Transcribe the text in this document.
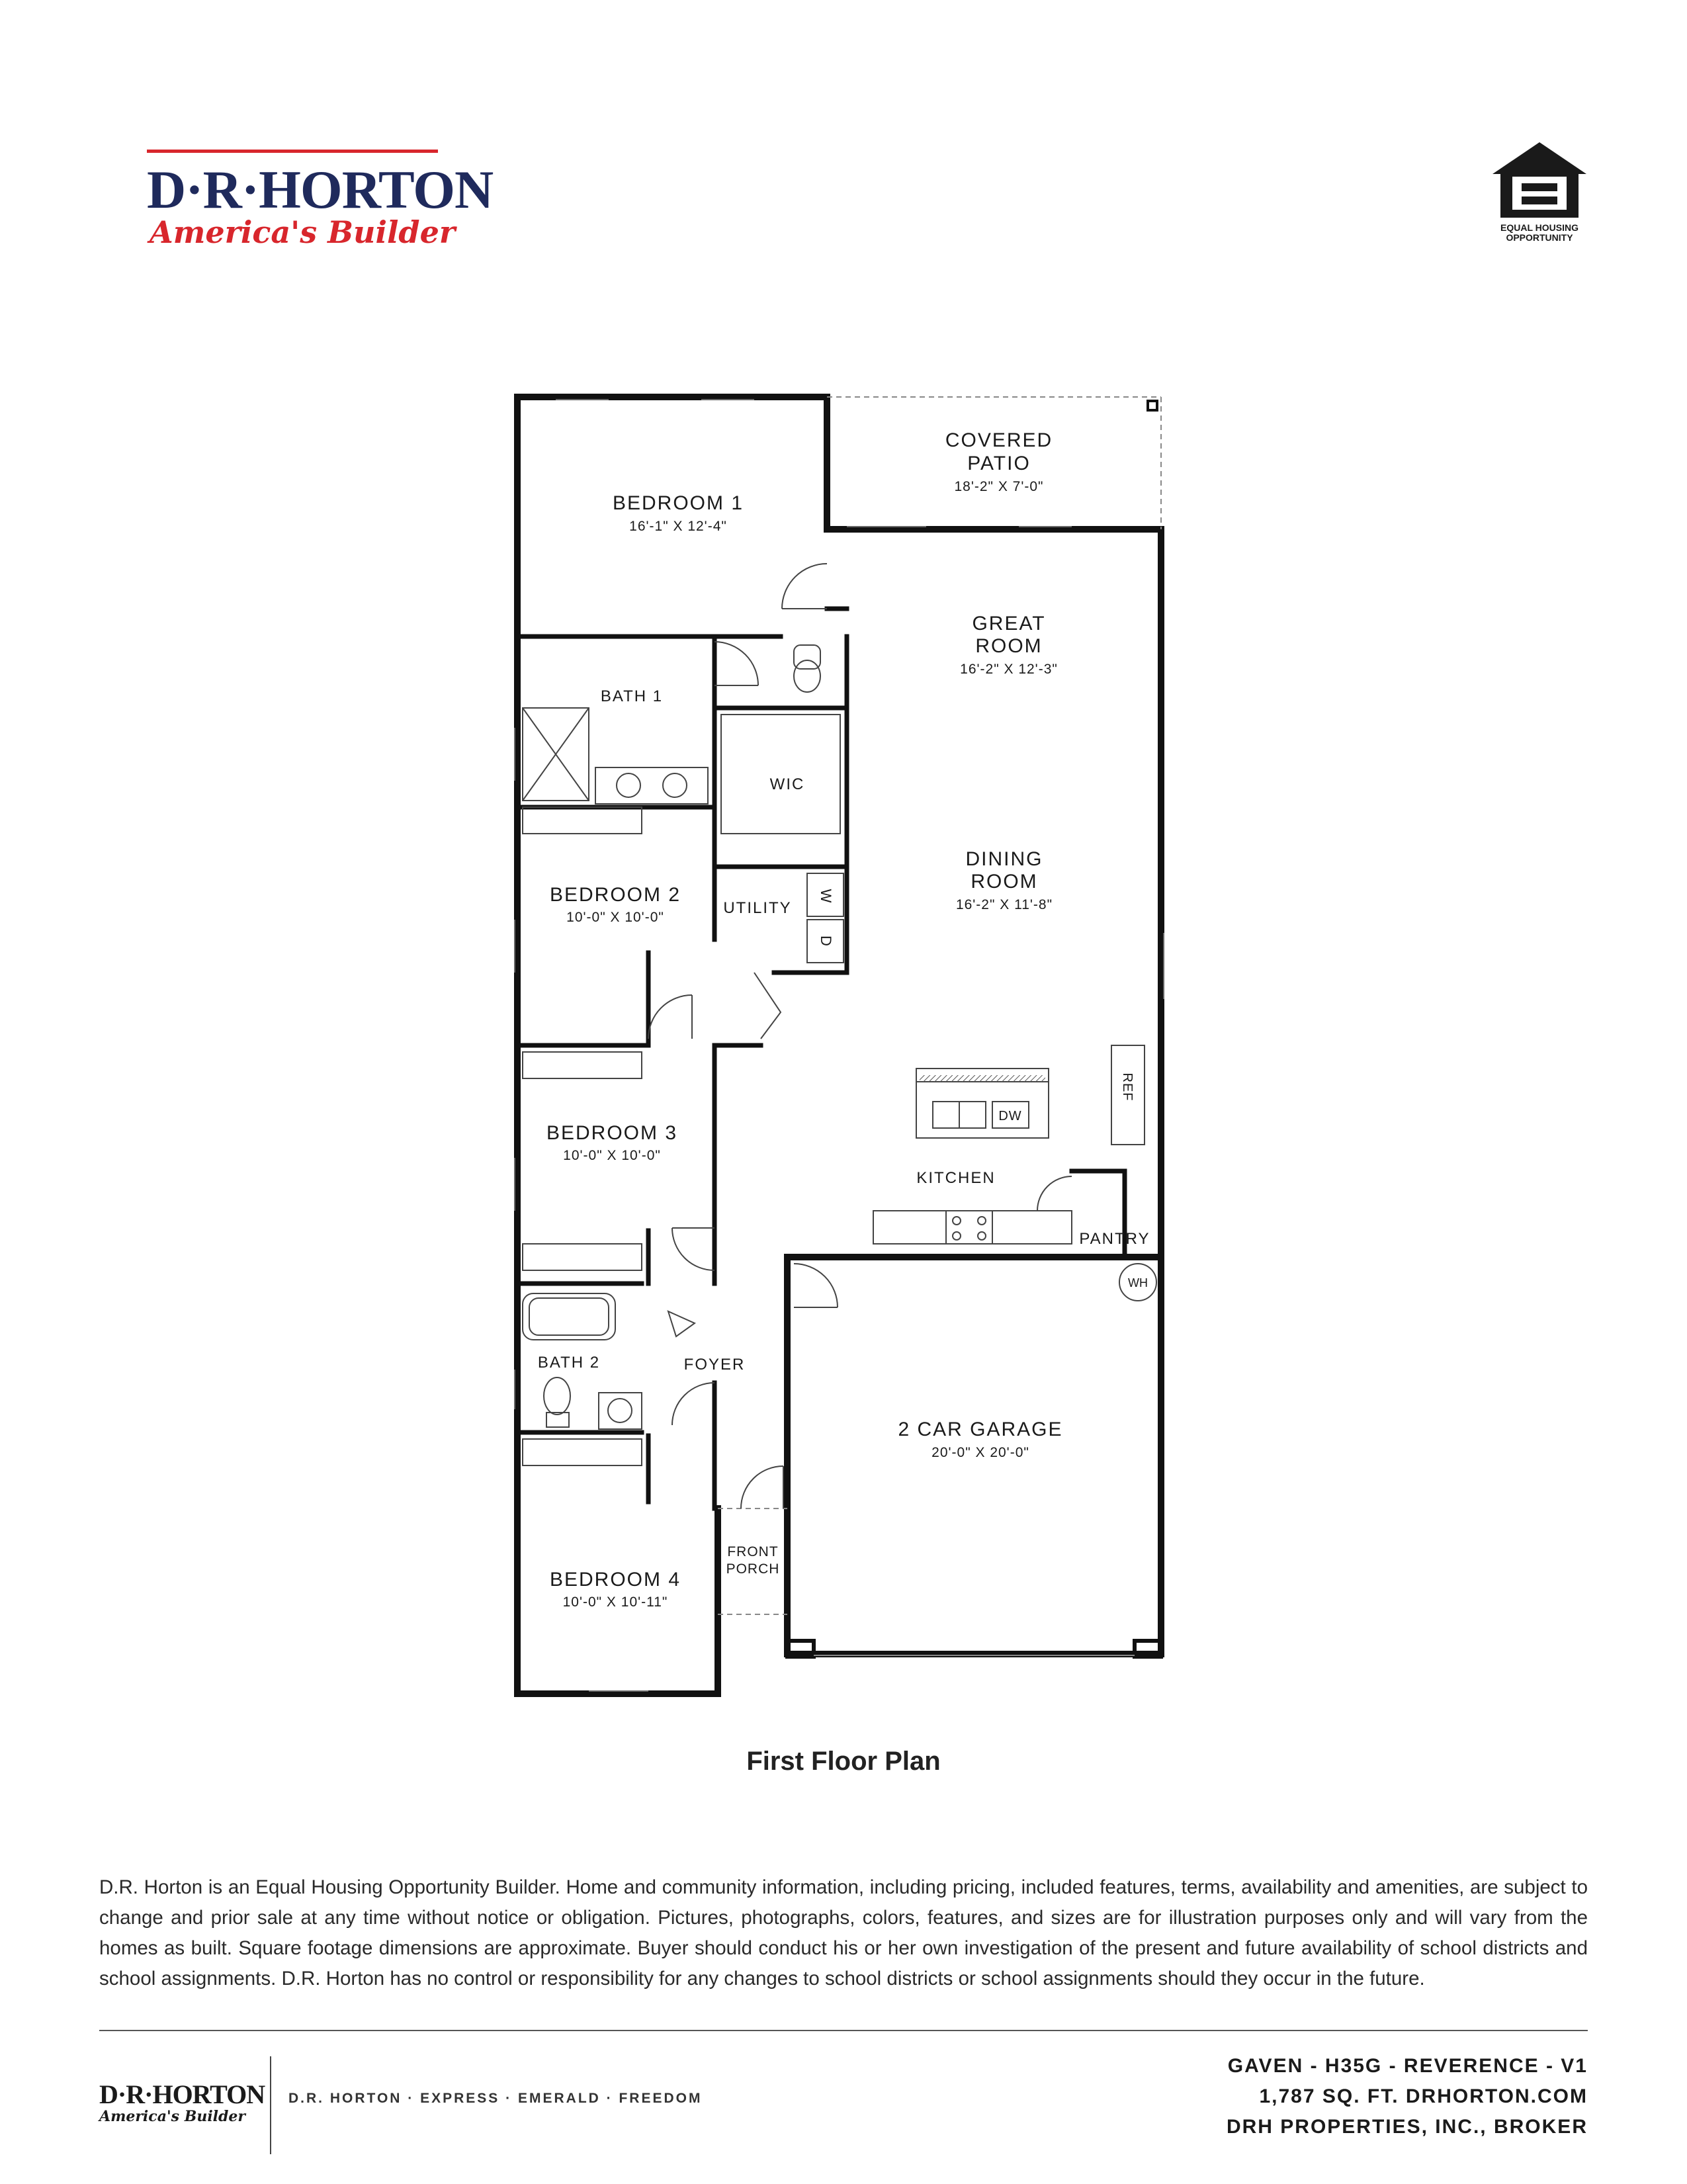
D·R·HORTON
America's Builder	EQUAL HOUSING
OPPORTUNITY
COVERED
PATIO
18'-2" X 7'-0"
BEDROOM 1
16'-1" X 12'-4"
GREAT
ROOM
16'-2" X 12'-3"
BATH 1
WIC
DINING
ROOM
16'-2" X 11'-8"
BEDROOM 2
10'-0" X 10'-0"
UTILITY
W
D
BEDROOM 3
10'-0" X 10'-0"
KITCHEN
DW
REF
PANTRY
WH
BATH 2	FOYER
2 CAR GARAGE
20'-0" X 20'-0"
FRONT
PORCH
BEDROOM 4
10'-0" X 10'-11"
First Floor Plan
D.R. Horton is an Equal Housing Opportunity Builder. Home and community information, including pricing, included features, terms, availability and amenities, are subject to change and prior sale at any time without notice or obligation. Pictures, photographs, colors, features, and sizes are for illustration purposes only and will vary from the homes as built. Square footage dimensions are approximate. Buyer should conduct his or her own investigation of the present and future availability of school districts and school assignments. D.R. Horton has no control or responsibility for any changes to school districts or school assignments should they occur in the future.
D·R·HORTON
America's Builder
D.R. HORTON · EXPRESS · EMERALD · FREEDOM
GAVEN - H35G - REVERENCE - V1
1,787 SQ. FT. DRHORTON.COM
DRH PROPERTIES, INC., BROKER
